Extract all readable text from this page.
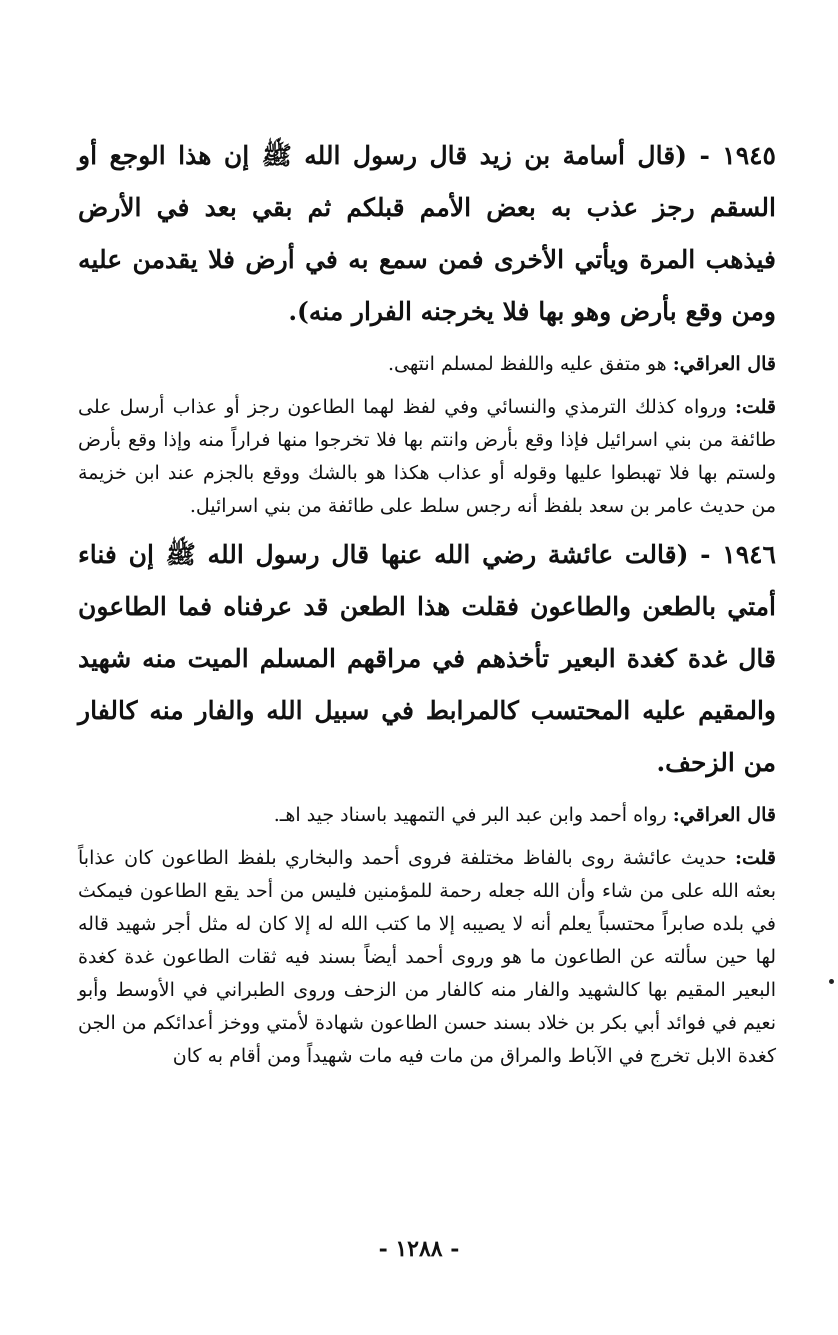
١٩٤٥ - (قال أسامة بن زيد قال رسول الله ﷺ إن هذا الوجع أو السقم رجز عذب به بعض الأمم قبلكم ثم بقي بعد في الأرض فيذهب المرة ويأتي الأخرى فمن سمع به في أرض فلا يقدمن عليه ومن وقع بأرض وهو بها فلا يخرجنه الفرار منه).

قال العراقي: هو متفق عليه واللفظ لمسلم انتهى.

قلت: ورواه كذلك الترمذي والنسائي وفي لفظ لهما الطاعون رجز أو عذاب أرسل على طائفة من بني اسرائيل فإذا وقع بأرض وانتم بها فلا تخرجوا منها فراراً منه وإذا وقع بأرض ولستم بها فلا تهبطوا عليها وقوله أو عذاب هكذا هو بالشك ووقع بالجزم عند ابن خزيمة من حديث عامر بن سعد بلفظ أنه رجس سلط على طائفة من بني اسرائيل.

١٩٤٦ - (قالت عائشة رضي الله عنها قال رسول الله ﷺ إن فناء أمتي بالطعن والطاعون فقلت هذا الطعن قد عرفناه فما الطاعون قال غدة كغدة البعير تأخذهم في مراقهم المسلم الميت منه شهيد والمقيم عليه المحتسب كالمرابط في سبيل الله والفار منه كالفار من الزحف.

قال العراقي: رواه أحمد وابن عبد البر في التمهيد باسناد جيد اهـ.

قلت: حديث عائشة روى بالفاظ مختلفة فروى أحمد والبخاري بلفظ الطاعون كان عذاباً بعثه الله على من شاء وأن الله جعله رحمة للمؤمنين فليس من أحد يقع الطاعون فيمكث في بلده صابراً محتسباً يعلم أنه لا يصيبه إلا ما كتب الله له إلا كان له مثل أجر شهيد قاله لها حين سألته عن الطاعون ما هو وروى أحمد أيضاً بسند فيه ثقات الطاعون غدة كغدة البعير المقيم بها كالشهيد والفار منه كالفار من الزحف وروى الطبراني في الأوسط وأبو نعيم في فوائد أبي بكر بن خلاد بسند حسن الطاعون شهادة لأمتي ووخز أعدائكم من الجن كغدة الابل تخرج في الآباط والمراق من مات فيه مات شهيداً ومن أقام به كان

- ١٢٨٨ -
